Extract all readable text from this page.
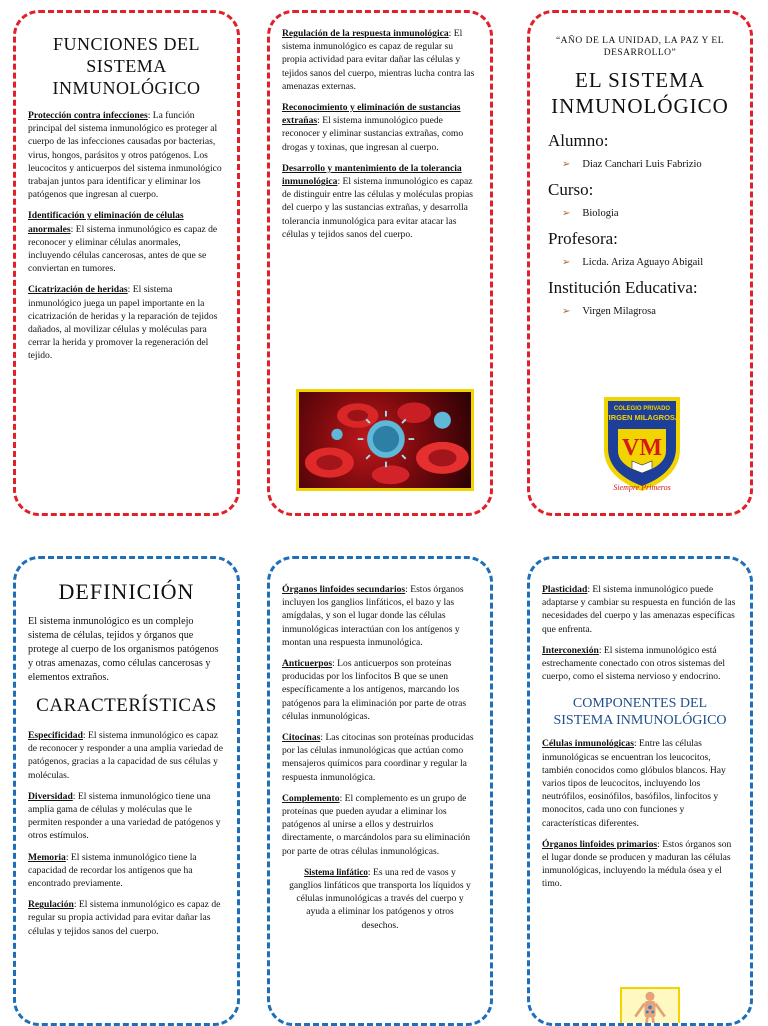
FUNCIONES DEL SISTEMA INMUNOLÓGICO

Protección contra infecciones: La función principal del sistema inmunológico es proteger al cuerpo de las infecciones causadas por bacterias, virus, hongos, parásitos y otros patógenos. Los leucocitos y anticuerpos del sistema inmunológico trabajan juntos para identificar y eliminar los patógenos que ingresan al cuerpo.

Identificación y eliminación de células anormales: El sistema inmunológico es capaz de reconocer y eliminar células anormales, incluyendo células cancerosas, antes de que se conviertan en tumores.

Cicatrización de heridas: El sistema inmunológico juega un papel importante en la cicatrización de heridas y la reparación de tejidos dañados, al movilizar células y moléculas para cerrar la herida y promover la regeneración del tejido.

Regulación de la respuesta inmunológica: El sistema inmunológico es capaz de regular su propia actividad para evitar dañar las células y tejidos sanos del cuerpo, mientras lucha contra las amenazas externas.

Reconocimiento y eliminación de sustancias extrañas: El sistema inmunológico puede reconocer y eliminar sustancias extrañas, como drogas y toxinas, que ingresan al cuerpo.

Desarrollo y mantenimiento de la tolerancia inmunológica: El sistema inmunológico es capaz de distinguir entre las células y moléculas propias del cuerpo y las sustancias extrañas, y desarrolla tolerancia inmunológica para evitar atacar las células y tejidos sanos del cuerpo.

“AÑO DE LA UNIDAD, LA PAZ Y EL DESARROLLO”
EL SISTEMA INMUNOLÓGICO
Alumno:
➢ Diaz Canchari Luis Fabrizio
Curso:
➢ Biologia
Profesora:
➢ Licda. Ariza Aguayo Abigail
Institución Educativa:
➢ Virgen Milagrosa
COLEGIO PRIVADO
VIRGEN MILAGROSA
VM
Siempre Primeros
DEFINICIÓN

El sistema inmunológico es un complejo sistema de células, tejidos y órganos que protege al cuerpo de los organismos patógenos y otras amenazas, como células cancerosas y elementos extraños.

CARACTERÍSTICAS

Especificidad: El sistema inmunológico es capaz de reconocer y responder a una amplia variedad de patógenos, gracias a la capacidad de sus células y moléculas.

Diversidad: El sistema inmunológico tiene una amplia gama de células y moléculas que le permiten responder a una variedad de patógenos y otros estímulos.

Memoria: El sistema inmunológico tiene la capacidad de recordar los antígenos que ha encontrado previamente.

Regulación: El sistema inmunológico es capaz de regular su propia actividad para evitar dañar las células y tejidos sanos del cuerpo.

Órganos linfoides secundarios: Estos órganos incluyen los ganglios linfáticos, el bazo y las amígdalas, y son el lugar donde las células inmunológicas interactúan con los antígenos y montan una respuesta inmunológica.

Anticuerpos: Los anticuerpos son proteínas producidas por los linfocitos B que se unen específicamente a los antígenos, marcando los patógenos para la eliminación por parte de otras células inmunológicas.

Citocinas: Las citocinas son proteínas producidas por las células inmunológicas que actúan como mensajeros químicos para coordinar y regular la respuesta inmunológica.

Complemento: El complemento es un grupo de proteínas que pueden ayudar a eliminar los patógenos al unirse a ellos y destruirlos directamente, o marcándolos para su eliminación por parte de otras células inmunológicas.

Sistema linfático: Es una red de vasos y ganglios linfáticos que transporta los líquidos y células inmunológicas a través del cuerpo y ayuda a eliminar los patógenos y otros desechos.

Plasticidad: El sistema inmunológico puede adaptarse y cambiar su respuesta en función de las necesidades del cuerpo y las amenazas específicas que enfrenta.

Interconexión: El sistema inmunológico está estrechamente conectado con otros sistemas del cuerpo, como el sistema nervioso y endocrino.

COMPONENTES DEL SISTEMA INMUNOLÓGICO

Células inmunológicas: Entre las células inmunológicas se encuentran los leucocitos, también conocidos como glóbulos blancos. Hay varios tipos de leucocitos, incluyendo los neutrófilos, eosinófilos, basófilos, linfocitos y monocitos, cada uno con funciones y características diferentes.

Órganos linfoides primarios: Estos órganos son el lugar donde se producen y maduran las células inmunológicas, incluyendo la médula ósea y el timo.
